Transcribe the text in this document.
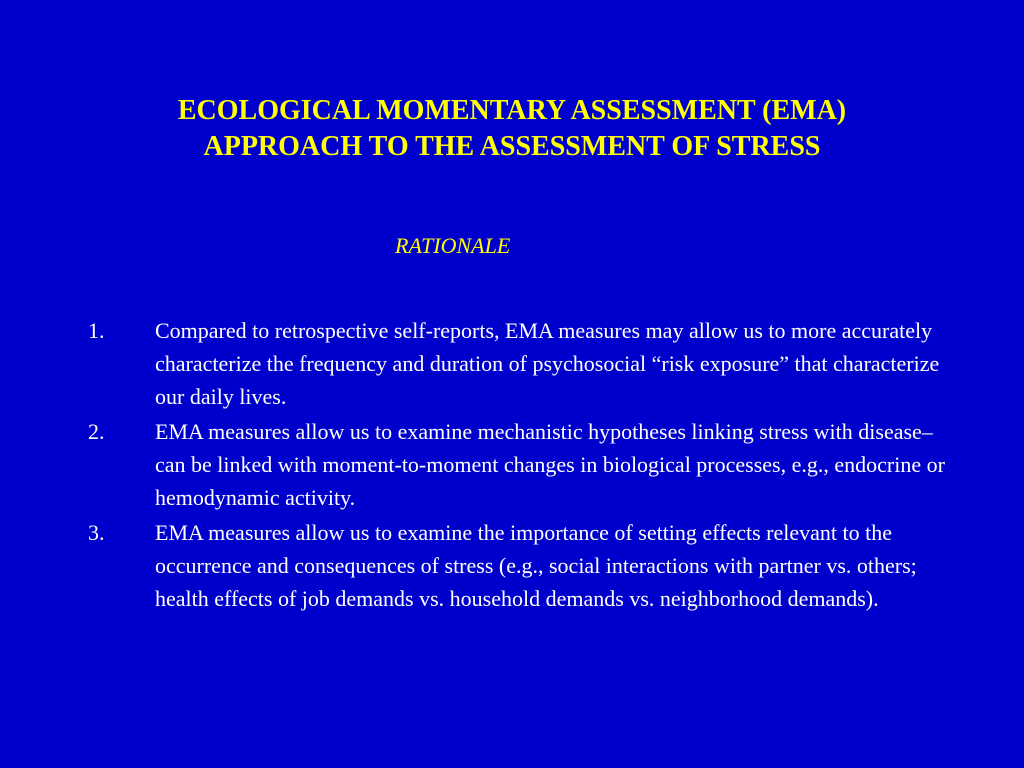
ECOLOGICAL MOMENTARY ASSESSMENT (EMA)
APPROACH TO THE ASSESSMENT OF STRESS

RATIONALE

1. Compared to retrospective self-reports, EMA measures may allow us to more accurately characterize the frequency and duration of psychosocial “risk exposure” that characterize our daily lives.
2. EMA measures allow us to examine mechanistic hypotheses linking stress with disease– can be linked with moment-to-moment changes in biological processes, e.g., endocrine or hemodynamic activity.
3. EMA measures allow us to examine the importance of setting effects relevant to the occurrence and consequences of stress (e.g., social interactions with partner vs. others; health effects of job demands vs. household demands vs. neighborhood demands).
